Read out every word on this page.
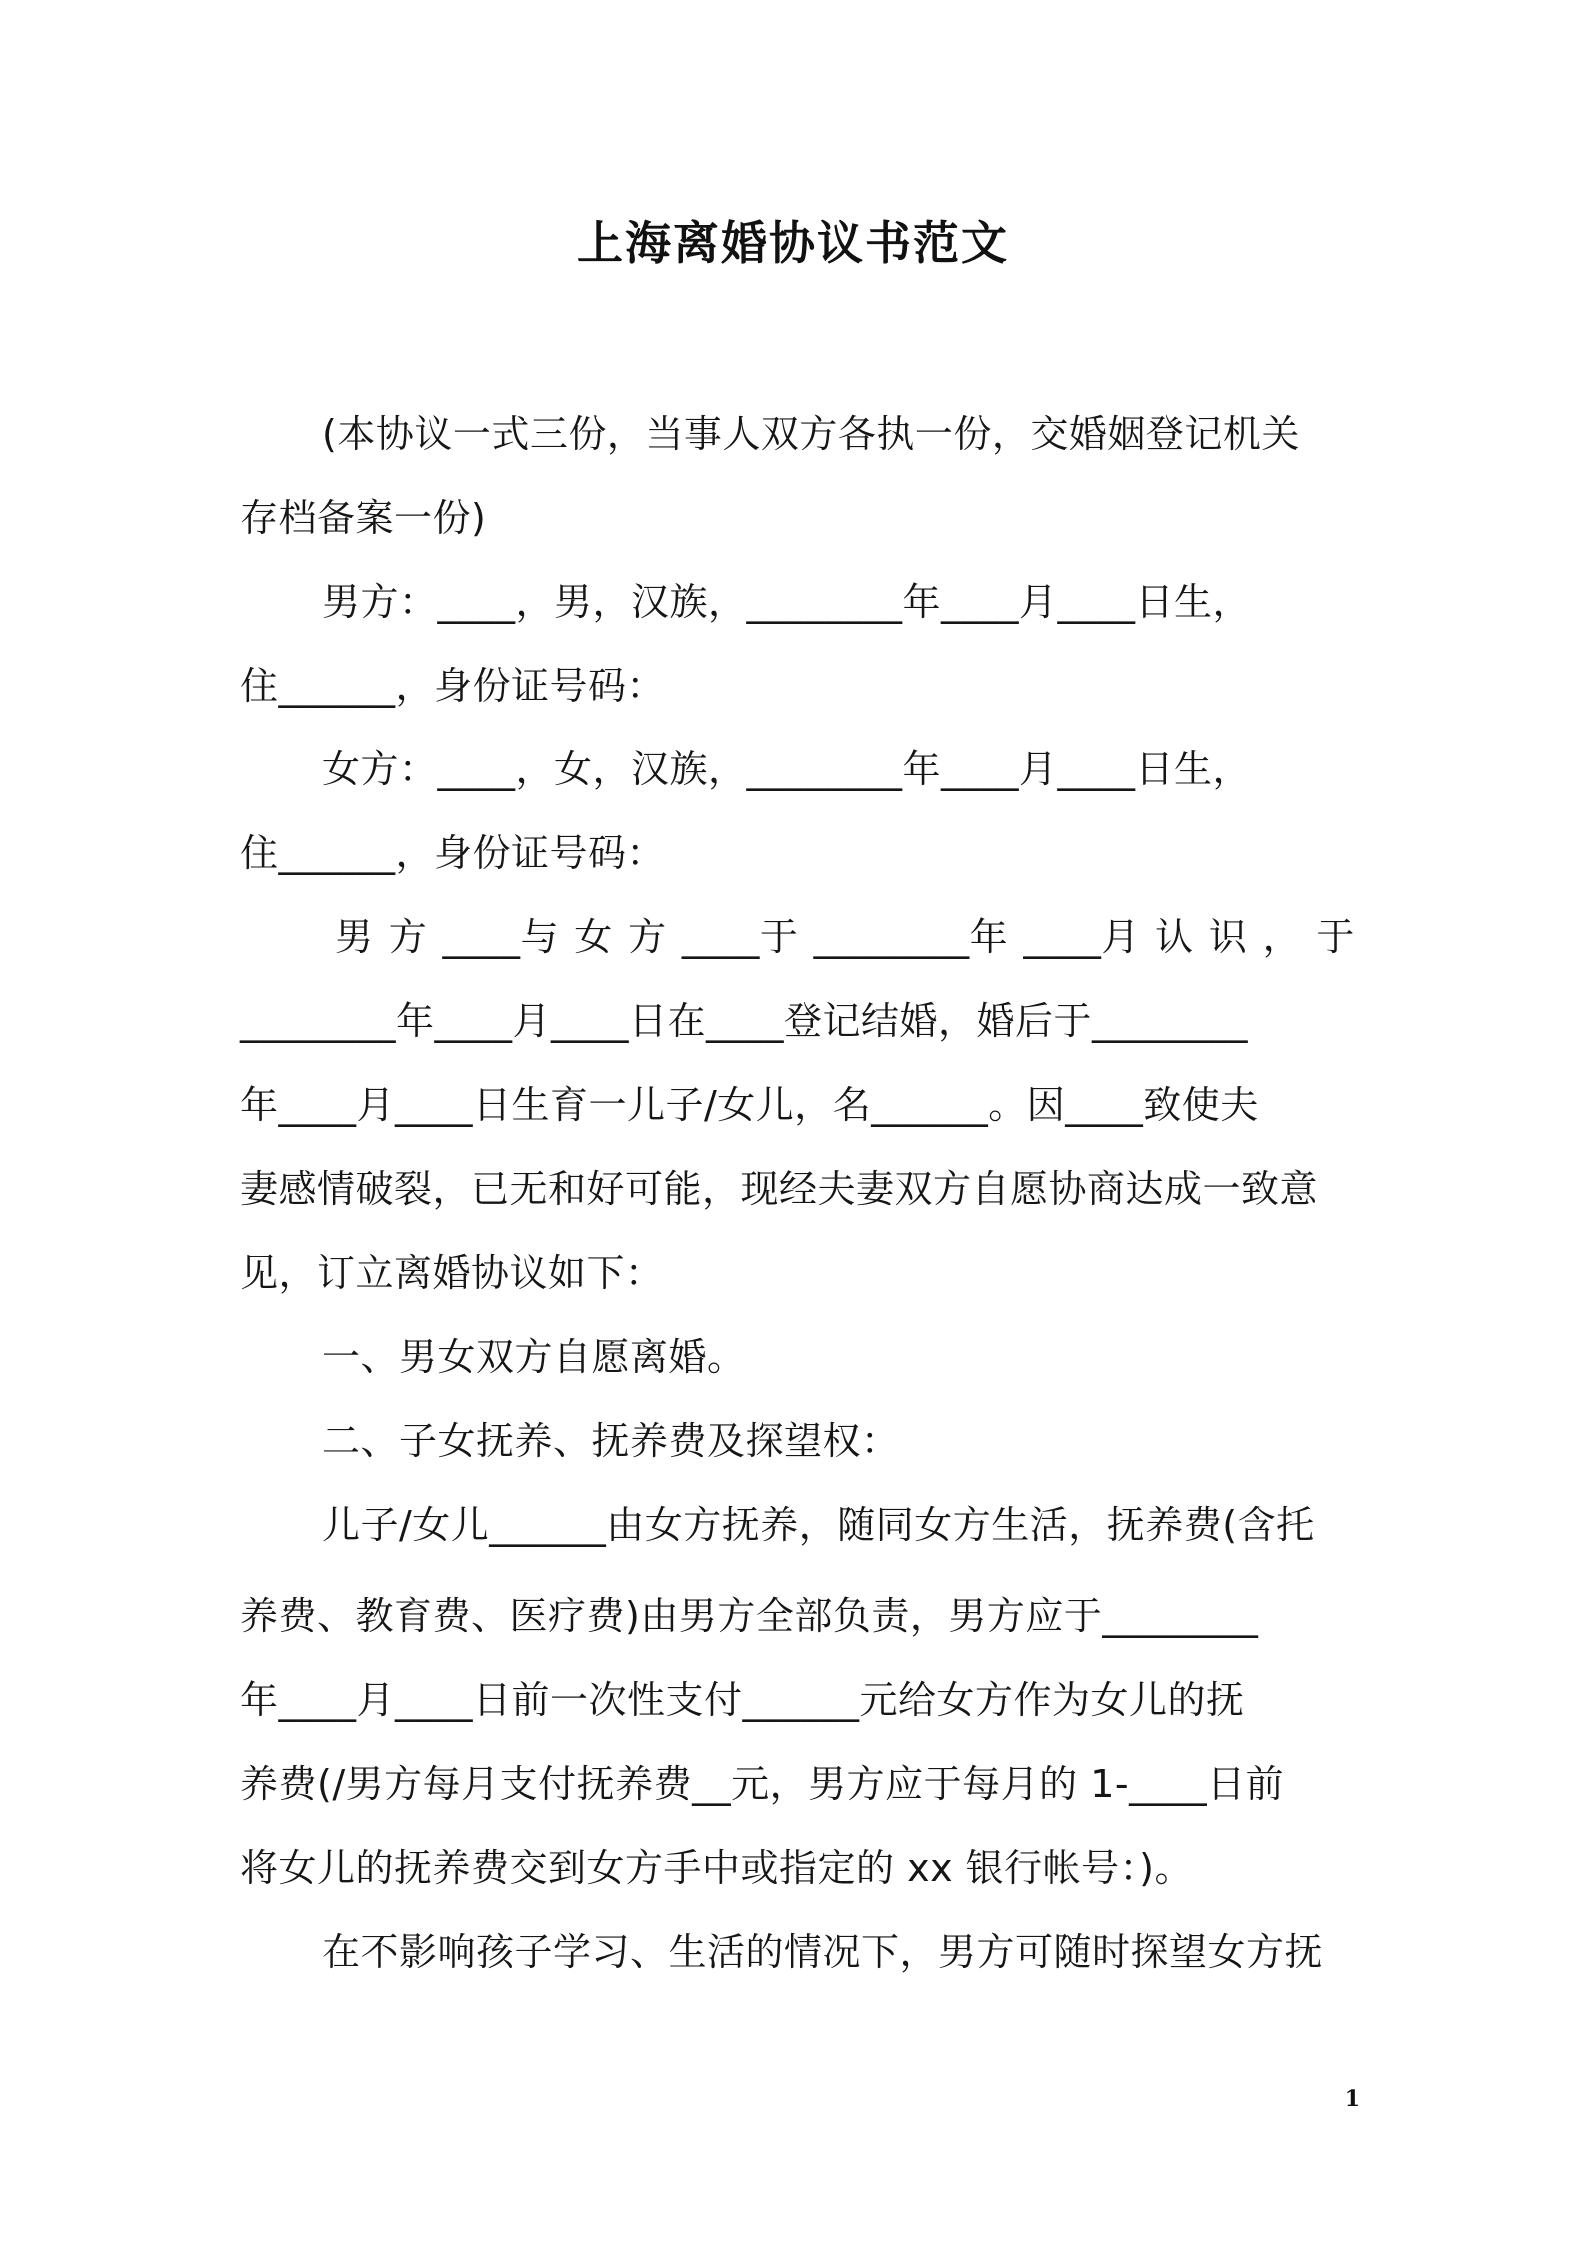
上海离婚协议书范文
(本协议一式三份，当事人双方各执一份，交婚姻登记机关
存档备案一份)
男方：____，男，汉族，________年____月____日生，
住______，身份证号码：
女方：____，女，汉族，________年____月____日生，
住______，身份证号码：
男 方 ____与 女 方 ____于 ________年 ____月 认 识 ， 于
________年____月____日在____登记结婚，婚后于________
年____月____日生育一儿子/女儿，名______。因____致使夫
妻感情破裂，已无和好可能，现经夫妻双方自愿协商达成一致意
见，订立离婚协议如下：
一、男女双方自愿离婚。
二、子女抚养、抚养费及探望权：
儿子/女儿______由女方抚养，随同女方生活，抚养费(含托
养费、教育费、医疗费)由男方全部负责，男方应于________
年____月____日前一次性支付______元给女方作为女儿的抚
养费(/男方每月支付抚养费__元，男方应于每月的 1-____日前
将女儿的抚养费交到女方手中或指定的 xx 银行帐号：)。
在不影响孩子学习、生活的情况下，男方可随时探望女方抚
1
